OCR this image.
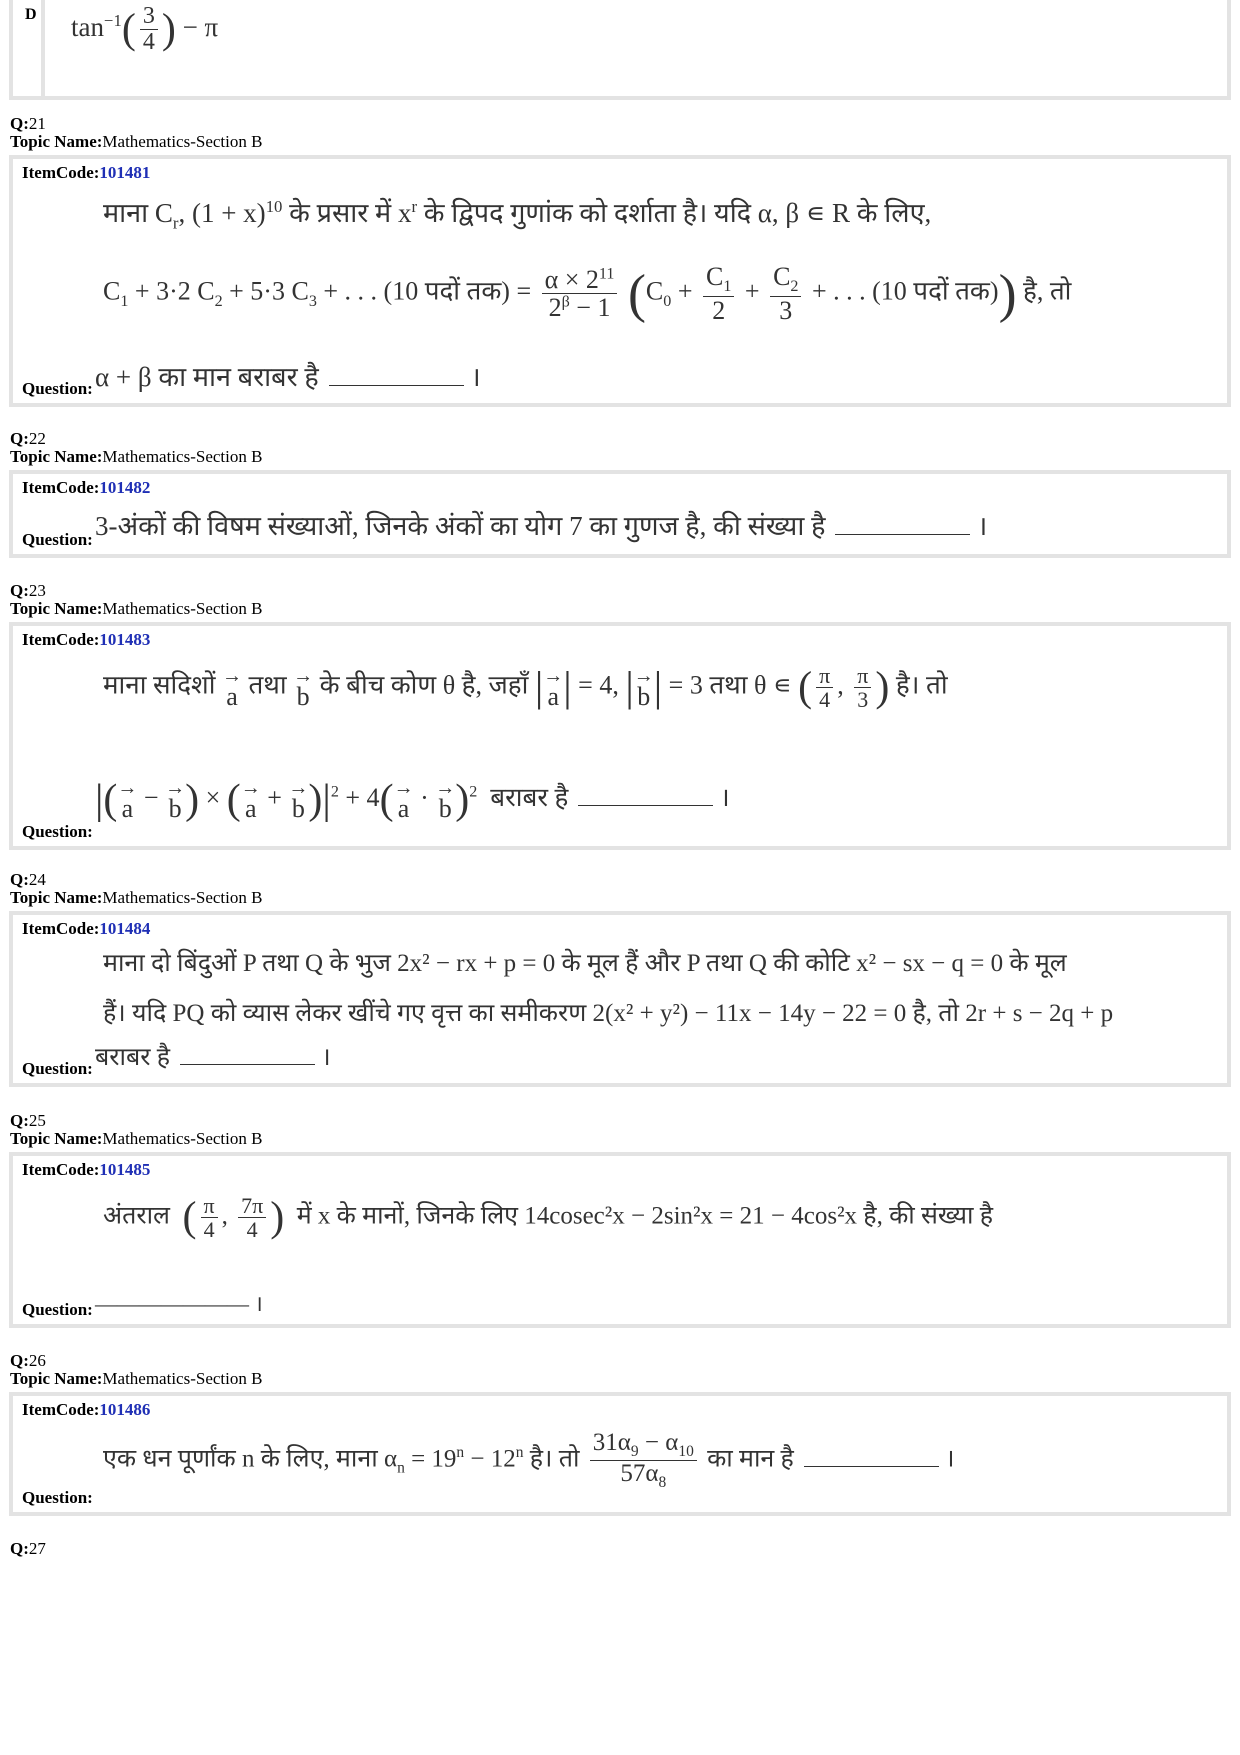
D $\tan^{-1}( \frac{3}{4}$ ) − π
Q:21
Topic Name:Mathematics-Section B
ItemCode:101481
माना $C_r$, $(1 + x)^{10}$ के प्रसार में $x^r$ के द्विपद गुणांक को दर्शाता है। यदि α, β ∊ R के लिए,
$C_1 + 3\cdot 2$ $C_2 + 5\cdot 3$ $C_3$ + . . . (10 पदों तक) = $\frac{\alpha \times 2^{11}}{2^\beta - 1} (C_0 + \frac{C_1}{2} + \frac{C_2}{3}$ + . . . (10 पदों तक)) है, तो
Question: α + β का मान बराबर है	।
Q:22
Topic Name:Mathematics-Section B
ItemCode:101482
Question: 3-अंकों की विषम संख्याओं, जिनके अंकों का योग 7 का गुणज है, की संख्या है	।
Q:23
Topic Name:Mathematics-Section B
ItemCode:101483
माना सदिशों →
a तथा →
b के बीच कोण θ है, जहाँ | →
a | = 4, | →
b | = 3 तथा θ ∊ ( $\frac{\pi}{4}$ , $\frac{\pi}{3}$ ) है। तो
Question:
|( →
a − →
b ) × ( →
a + →
b )$|^2 + 4$( →
a · →
b )$^2$ बराबर है	।
Q:24
Topic Name:Mathematics-Section B
ItemCode:101484
माना दो बिंदुओं P तथा Q के भुज 2x² − rx + p = 0 के मूल हैं और P तथा Q की कोटि x² − sx − q = 0 के मूल
हैं। यदि PQ को व्यास लेकर खींचे गए वृत्त का समीकरण 2(x² + y²) − 11x − 14y − 22 = 0 है, तो 2r + s − 2q + p
Question: बराबर है	।
Q:25
Topic Name:Mathematics-Section B
ItemCode:101485
अंतराल ( $\frac{\pi}{4}$ , $\frac{7\pi}{4}$ ) में x के मानों, जिनके लिए 14cosec²x − 2sin²x = 21 − 4cos²x है, की संख्या है
Question: ——————— ।
Q:26
Topic Name:Mathematics-Section B
ItemCode:101486
एक धन पूर्णांक n के लिए, माना $\alpha_n = 19^n - 12^n$ है। तो $\frac{31\alpha_9 - \alpha_{10}}{57\alpha_8}$ का मान है	।
Question:
Q:27
